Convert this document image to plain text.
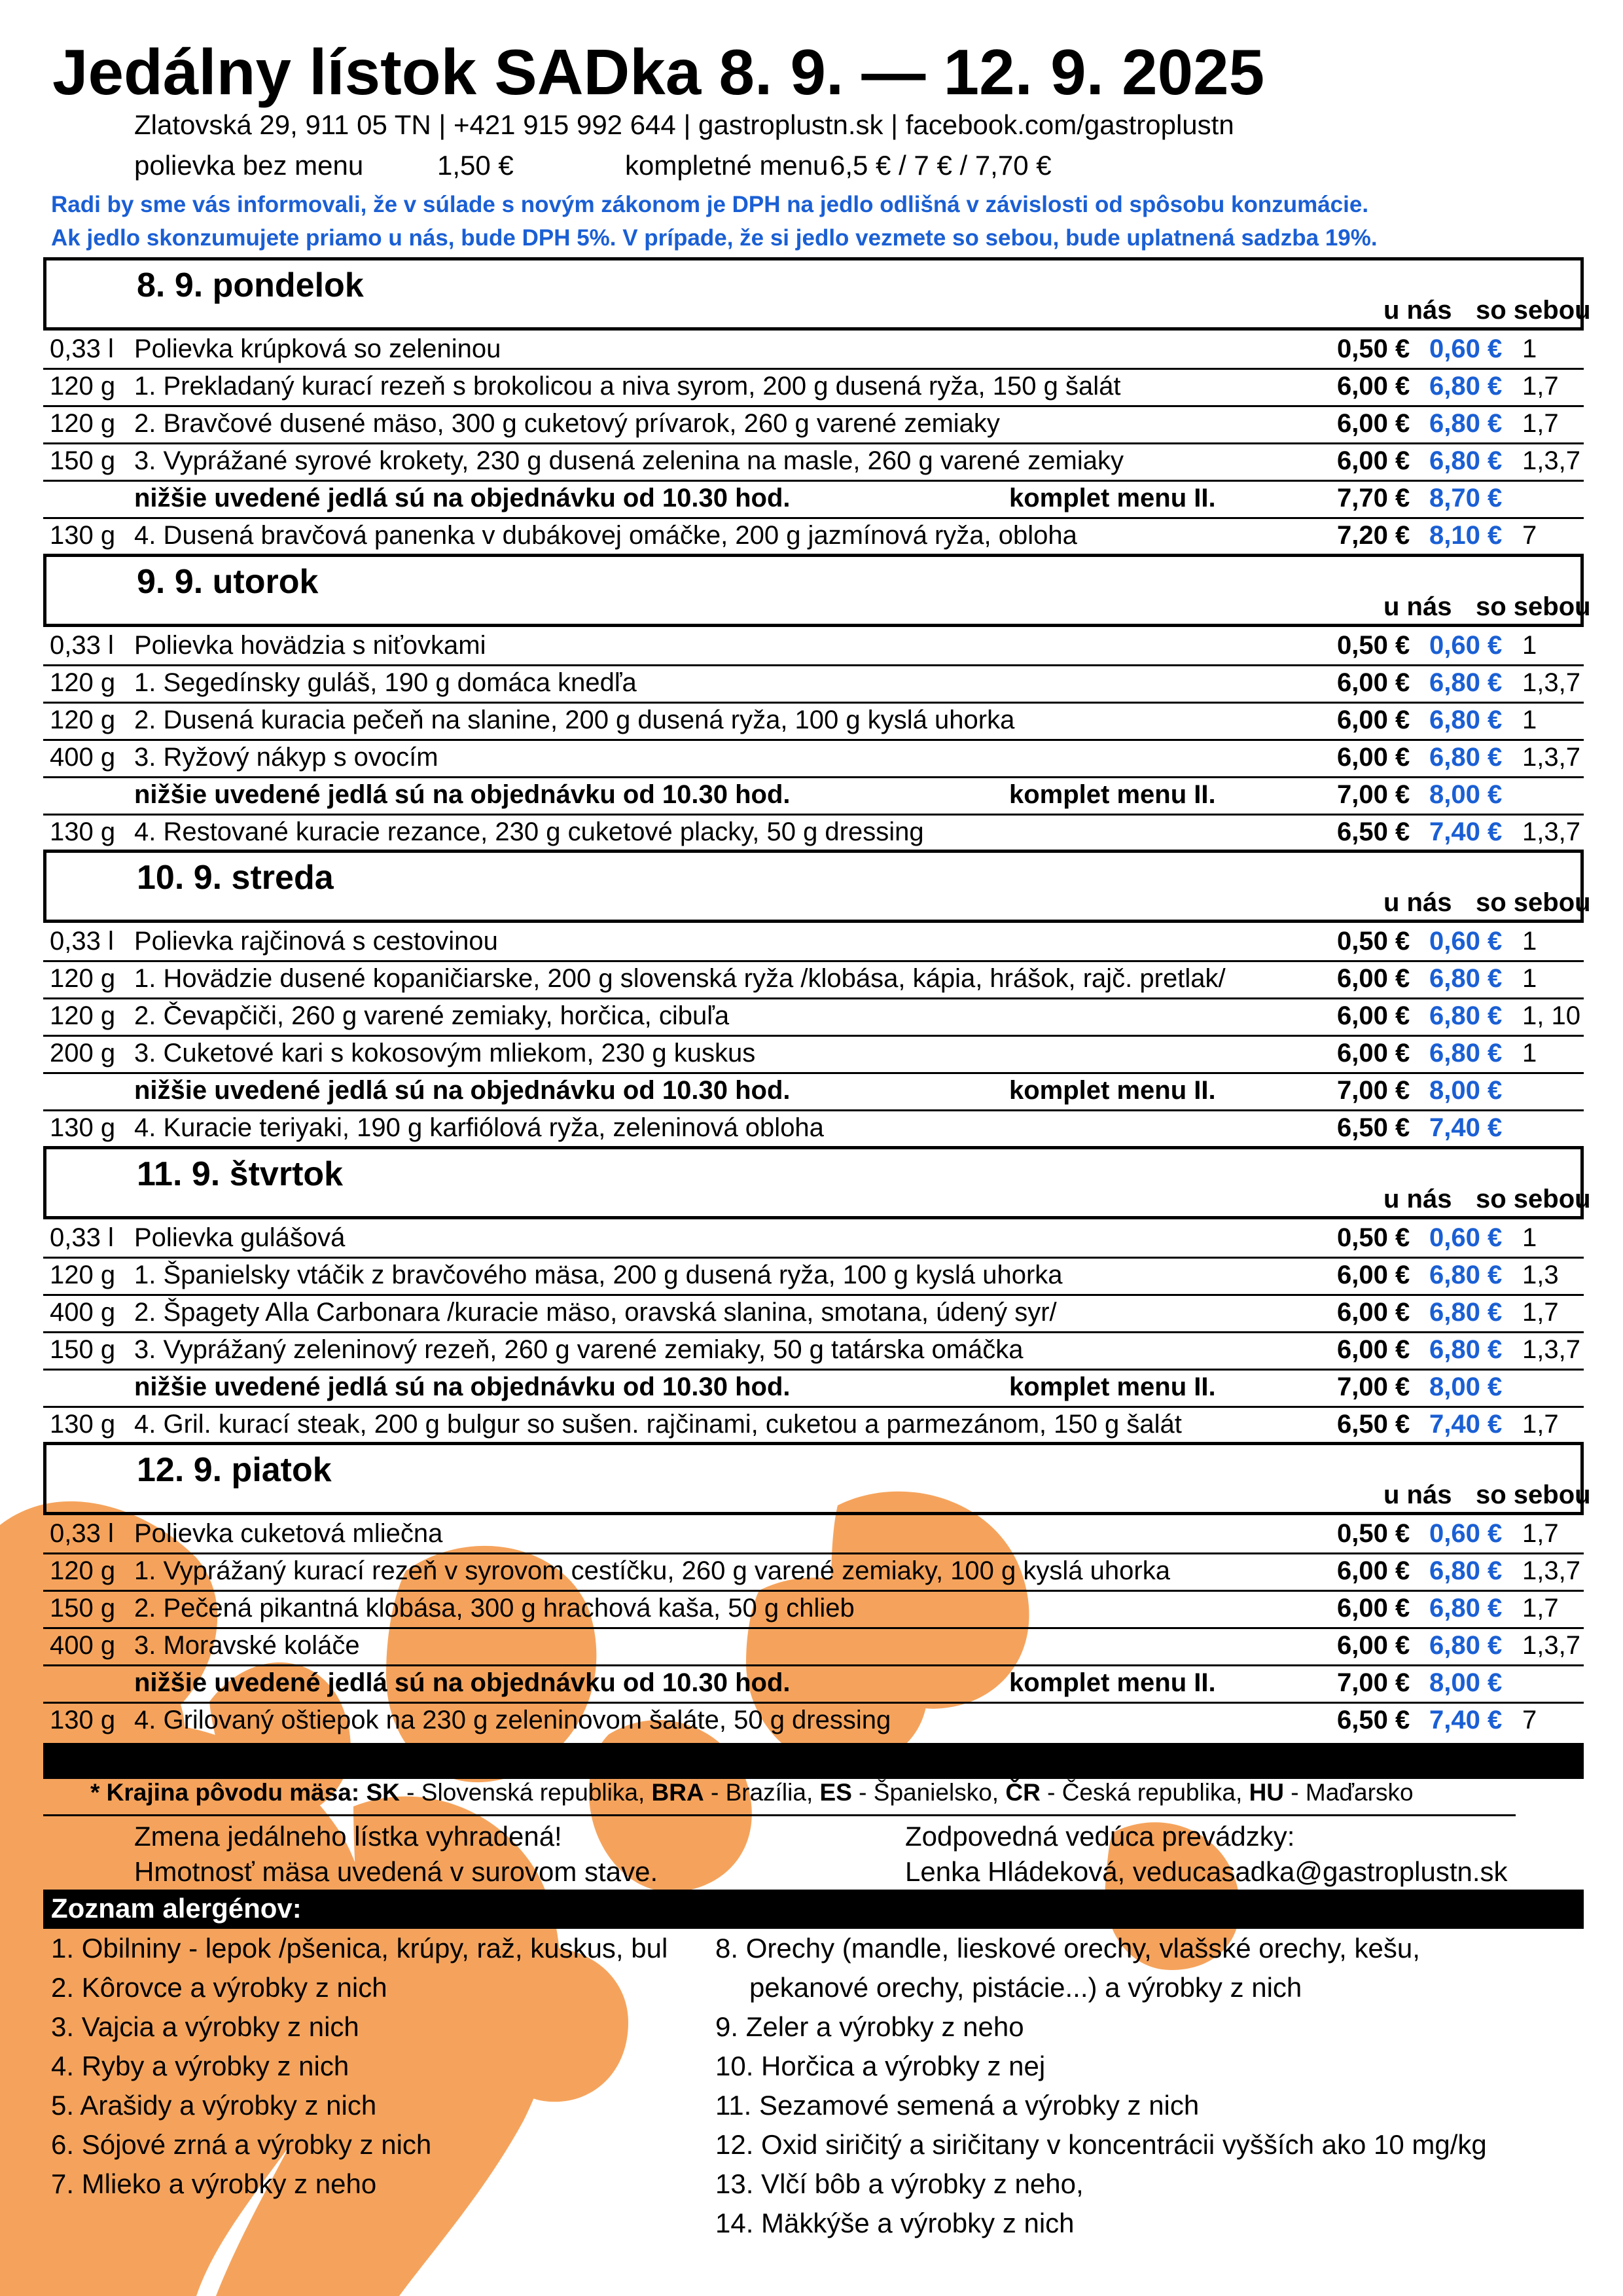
Jedálny lístok SADka 8. 9. — 12. 9. 2025
Zlatovská 29, 911 05 TN | +421 915 992 644 | gastroplustn.sk | facebook.com/gastroplustn
polievka bez menu	1,50 €	kompletné menu 6,5 € / 7 € / 7,70 €
Radi by sme vás informovali, že v súlade s novým zákonom je DPH na jedlo odlišná v závislosti od spôsobu konzumácie.
Ak jedlo skonzumujete priamo u nás, bude DPH 5%. V prípade, že si jedlo vezmete so sebou, bude uplatnená sadzba 19%.
8. 9. pondelok
u nás so sebou
0,33 l Polievka krúpková so zeleninou	0,50 € 0,60 € 1
120 g 1. Prekladaný kurací rezeň s brokolicou a niva syrom, 200 g dusená ryža, 150 g šalát	6,00 € 6,80 € 1,7
120 g 2. Bravčové dusené mäso, 300 g cuketový prívarok, 260 g varené zemiaky	6,00 € 6,80 € 1,7
150 g 3. Vyprážané syrové krokety, 230 g dusená zelenina na masle, 260 g varené zemiaky	6,00 € 6,80 € 1,3,7
nižšie uvedené jedlá sú na objednávku od 10.30 hod.	komplet menu II.	7,70 € 8,70 €
130 g 4. Dusená bravčová panenka v dubákovej omáčke, 200 g jazmínová ryža, obloha	7,20 € 8,10 € 7
9. 9. utorok
u nás so sebou
0,33 l Polievka hovädzia s niťovkami	0,50 € 0,60 € 1
120 g 1. Segedínsky guláš, 190 g domáca knedľa	6,00 € 6,80 € 1,3,7
120 g 2. Dusená kuracia pečeň na slanine, 200 g dusená ryža, 100 g kyslá uhorka	6,00 € 6,80 € 1
400 g 3. Ryžový nákyp s ovocím	6,00 € 6,80 € 1,3,7
nižšie uvedené jedlá sú na objednávku od 10.30 hod.	komplet menu II.	7,00 € 8,00 €
130 g 4. Restované kuracie rezance, 230 g cuketové placky, 50 g dressing	6,50 € 7,40 € 1,3,7
10. 9. streda
u nás so sebou
0,33 l Polievka rajčinová s cestovinou	0,50 € 0,60 € 1
120 g 1. Hovädzie dusené kopaničiarske, 200 g slovenská ryža /klobása, kápia, hrášok, rajč. pretlak/	6,00 € 6,80 € 1
120 g 2. Čevapčiči, 260 g varené zemiaky, horčica, cibuľa	6,00 € 6,80 € 1, 10
200 g 3. Cuketové kari s kokosovým mliekom, 230 g kuskus	6,00 € 6,80 € 1
nižšie uvedené jedlá sú na objednávku od 10.30 hod.	komplet menu II.	7,00 € 8,00 €
130 g 4. Kuracie teriyaki, 190 g karfiólová ryža, zeleninová obloha	6,50 € 7,40 €
11. 9. štvrtok
u nás so sebou
0,33 l Polievka gulášová	0,50 € 0,60 € 1
120 g 1. Španielsky vtáčik z bravčového mäsa, 200 g dusená ryža, 100 g kyslá uhorka	6,00 € 6,80 € 1,3
400 g 2. Špagety Alla Carbonara /kuracie mäso, oravská slanina, smotana, údený syr/	6,00 € 6,80 € 1,7
150 g 3. Vyprážaný zeleninový rezeň, 260 g varené zemiaky, 50 g tatárska omáčka	6,00 € 6,80 € 1,3,7
nižšie uvedené jedlá sú na objednávku od 10.30 hod.	komplet menu II.	7,00 € 8,00 €
130 g 4. Gril. kurací steak, 200 g bulgur so sušen. rajčinami, cuketou a parmezánom, 150 g šalát	6,50 € 7,40 € 1,7
12. 9. piatok
u nás so sebou
0,33 l Polievka cuketová mliečna	0,50 € 0,60 € 1,7
120 g 1. Vyprážaný kurací rezeň v syrovom cestíčku, 260 g varené zemiaky, 100 g kyslá uhorka	6,00 € 6,80 € 1,3,7
150 g 2. Pečená pikantná klobása, 300 g hrachová kaša, 50 g chlieb	6,00 € 6,80 € 1,7
400 g 3. Moravské koláče	6,00 € 6,80 € 1,3,7
nižšie uvedené jedlá sú na objednávku od 10.30 hod.	komplet menu II.	7,00 € 8,00 €
130 g 4. Grilovaný oštiepok na 230 g zeleninovom šaláte, 50 g dressing	6,50 € 7,40 € 7
* Krajina pôvodu mäsa: SK - Slovenská republika, BRA - Brazília, ES - Španielsko, ČR - Česká republika, HU - Maďarsko
Zmena jedálneho lístka vyhradená!
Hmotnosť mäsa uvedená v surovom stave.
Zodpovedná vedúca prevádzky:
Lenka Hládeková, veducasadka@gastroplustn.sk
Zoznam alergénov:
1. Obilniny - lepok /pšenica, krúpy, raž, kuskus, bul
2. Kôrovce a výrobky z nich
3. Vajcia a výrobky z nich
4. Ryby a výrobky z nich
5. Arašidy a výrobky z nich
6. Sójové zrná a výrobky z nich
7. Mlieko a výrobky z neho
8. Orechy (mandle, lieskové orechy, vlašské orechy, kešu,
pekanové orechy, pistácie...) a výrobky z nich
9. Zeler a výrobky z neho
10. Horčica a výrobky z nej
11. Sezamové semená a výrobky z nich
12. Oxid siričitý a siričitany v koncentrácii vyšších ako 10 mg/kg
13. Vlčí bôb a výrobky z neho,
14. Mäkkýše a výrobky z nich
